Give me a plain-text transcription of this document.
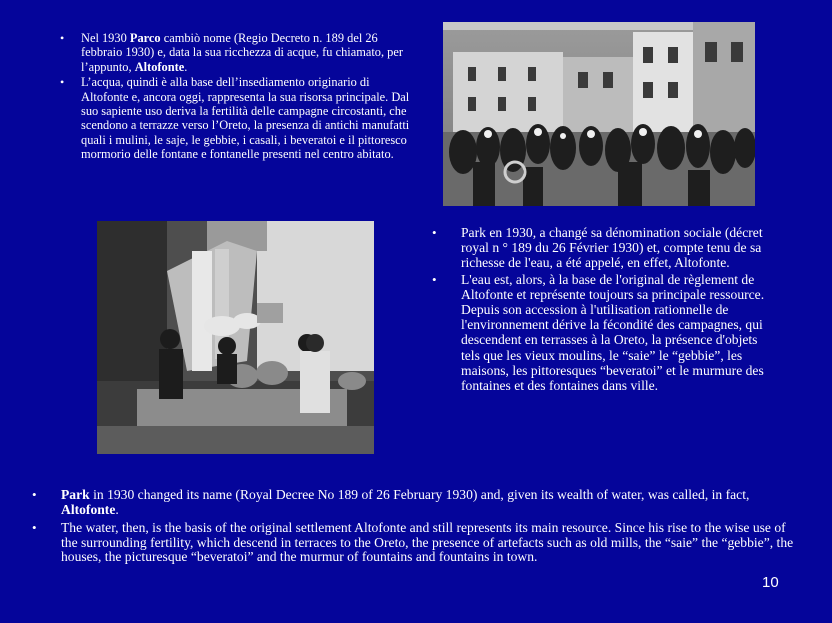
• Nel 1930 Parco cambiò nome (Regio Decreto n. 189 del 26 febbraio 1930) e, data la sua ricchezza di acque, fu chiamato, per l’appunto, Altofonte.
• L’acqua, quindi è alla base dell’insediamento originario di Altofonte e, ancora oggi, rappresenta la sua risorsa principale. Dal suo sapiente uso deriva la fertilità delle campagne circostanti, che scendono a terrazze verso l’Oreto, la presenza di antichi manufatti quali i mulini, le saje, le gebbie, i casali, i beveratoi e il pittoresco mormorio delle fontane e fontanelle presenti nel centro abitato.
• Park en 1930, a changé sa dénomination sociale (décret royal n ° 189 du 26 Février 1930) et, compte tenu de sa richesse de l'eau, a été appelé, en effet, Altofonte.
• L'eau est, alors, à la base de l'original de règlement de Altofonte et représente toujours sa principale ressource. Depuis son accession à l'utilisation rationnelle de l'environnement dérive la fécondité des campagnes, qui descendent en terrasses à la Oreto, la présence d'objets tels que les vieux moulins, le “saie” le “gebbie”, les maisons, les pittoresques “beveratoi” et le murmure des fontaines et des fontaines dans ville.
• Park in 1930 changed its name (Royal Decree No 189 of 26 February 1930) and, given its wealth of water, was called, in fact, Altofonte.
• The water, then, is the basis of the original settlement Altofonte and still represents its main resource. Since his rise to the wise use of the surrounding fertility, which descend in terraces to the Oreto, the presence of artefacts such as old mills, the “saie” the “gebbie”, the houses, the picturesque “beveratoi” and the murmur of fountains and fountains in town.
10
